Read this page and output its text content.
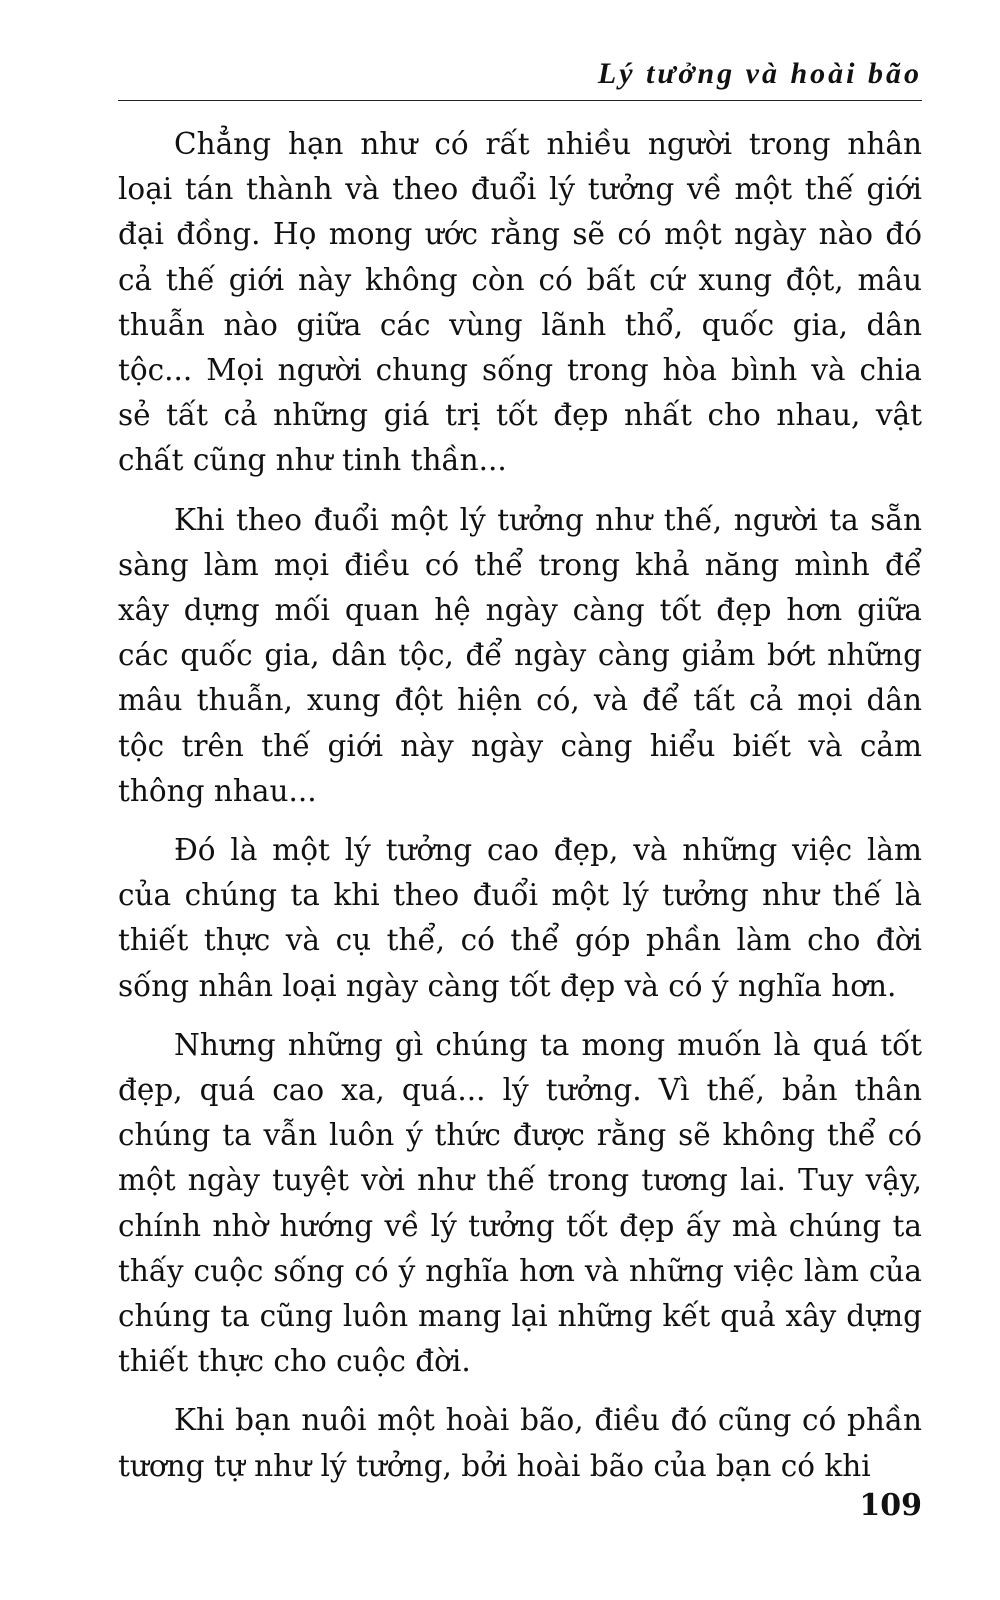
Lý tưởng và hoài bão

Chẳng hạn như có rất nhiều người trong nhân loại tán thành và theo đuổi lý tưởng về một thế giới đại đồng. Họ mong ước rằng sẽ có một ngày nào đó cả thế giới này không còn có bất cứ xung đột, mâu thuẫn nào giữa các vùng lãnh thổ, quốc gia, dân tộc... Mọi người chung sống trong hòa bình và chia sẻ tất cả những giá trị tốt đẹp nhất cho nhau, vật chất cũng như tinh thần...

Khi theo đuổi một lý tưởng như thế, người ta sẵn sàng làm mọi điều có thể trong khả năng mình để xây dựng mối quan hệ ngày càng tốt đẹp hơn giữa các quốc gia, dân tộc, để ngày càng giảm bớt những mâu thuẫn, xung đột hiện có, và để tất cả mọi dân tộc trên thế giới này ngày càng hiểu biết và cảm thông nhau...

Đó là một lý tưởng cao đẹp, và những việc làm của chúng ta khi theo đuổi một lý tưởng như thế là thiết thực và cụ thể, có thể góp phần làm cho đời sống nhân loại ngày càng tốt đẹp và có ý nghĩa hơn.

Nhưng những gì chúng ta mong muốn là quá tốt đẹp, quá cao xa, quá... lý tưởng. Vì thế, bản thân chúng ta vẫn luôn ý thức được rằng sẽ không thể có một ngày tuyệt vời như thế trong tương lai. Tuy vậy, chính nhờ hướng về lý tưởng tốt đẹp ấy mà chúng ta thấy cuộc sống có ý nghĩa hơn và những việc làm của chúng ta cũng luôn mang lại những kết quả xây dựng thiết thực cho cuộc đời.

Khi bạn nuôi một hoài bão, điều đó cũng có phần tương tự như lý tưởng, bởi hoài bão của bạn có khi

109
